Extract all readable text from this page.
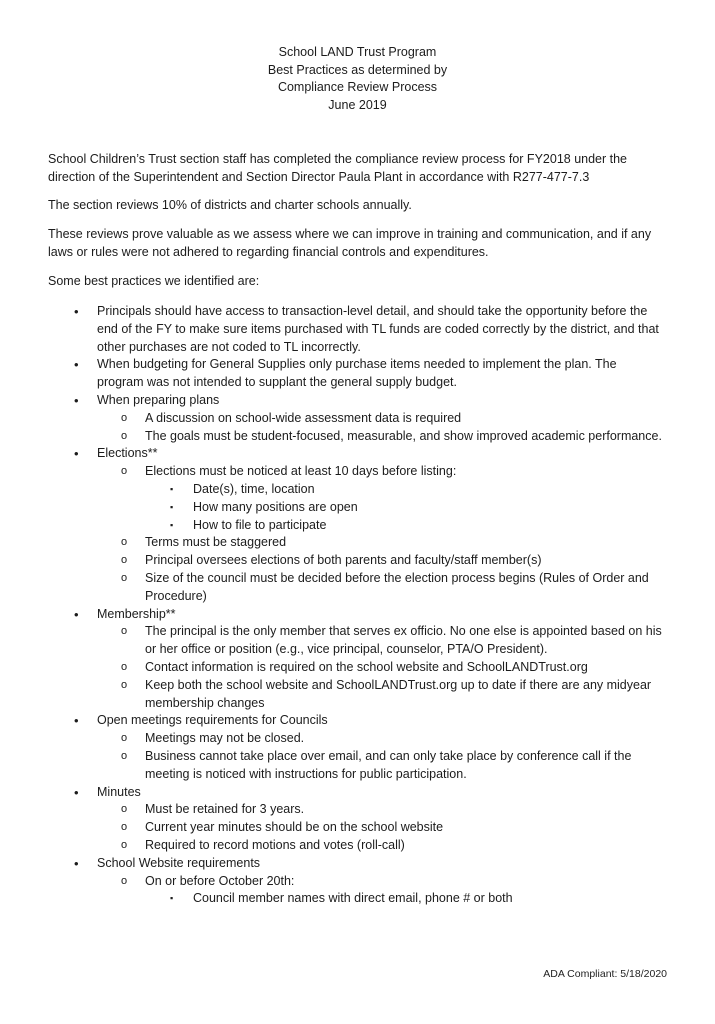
School LAND Trust Program
Best Practices as determined by
Compliance Review Process
June 2019
School Children’s Trust section staff has completed the compliance review process for FY2018 under the direction of the Superintendent and Section Director Paula Plant in accordance with R277-477-7.3
The section reviews 10% of districts and charter schools annually.
These reviews prove valuable as we assess where we can improve in training and communication, and if any laws or rules were not adhered to regarding financial controls and expenditures.
Some best practices we identified are:
• Principals should have access to transaction-level detail, and should take the opportunity before the end of the FY to make sure items purchased with TL funds are coded correctly by the district, and that other purchases are not coded to TL incorrectly.
• When budgeting for General Supplies only purchase items needed to implement the plan. The program was not intended to supplant the general supply budget.
• When preparing plans
o A discussion on school-wide assessment data is required
o The goals must be student-focused, measurable, and show improved academic performance.
• Elections**
o Elections must be noticed at least 10 days before listing:
▪ Date(s), time, location
▪ How many positions are open
▪ How to file to participate
o Terms must be staggered
o Principal oversees elections of both parents and faculty/staff member(s)
o Size of the council must be decided before the election process begins (Rules of Order and Procedure)
• Membership**
o The principal is the only member that serves ex officio. No one else is appointed based on his or her office or position (e.g., vice principal, counselor, PTA/O President).
o Contact information is required on the school website and SchoolLANDTrust.org
o Keep both the school website and SchoolLANDTrust.org up to date if there are any midyear membership changes
• Open meetings requirements for Councils
o Meetings may not be closed.
o Business cannot take place over email, and can only take place by conference call if the meeting is noticed with instructions for public participation.
• Minutes
o Must be retained for 3 years.
o Current year minutes should be on the school website
o Required to record motions and votes (roll-call)
• School Website requirements
o On or before October 20th:
▪ Council member names with direct email, phone # or both
ADA Compliant: 5/18/2020
